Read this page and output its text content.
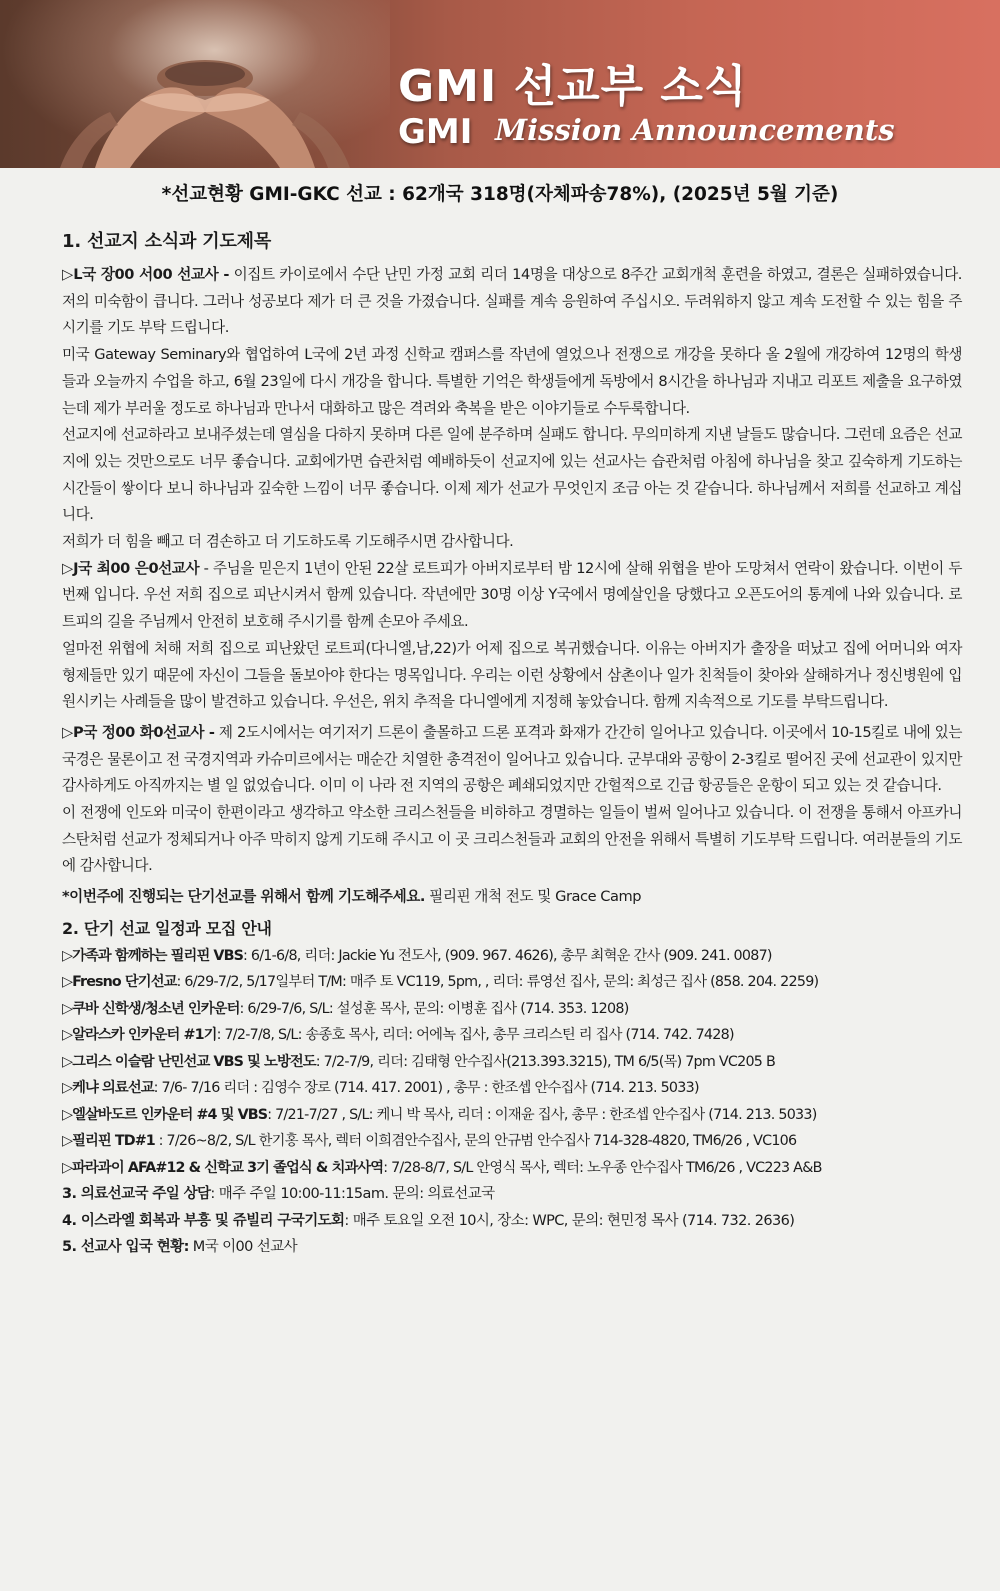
GMI 선교부 소식
GMI Mission Announcements
*선교현황 GMI-GKC 선교 : 62개국 318명(자체파송78%), (2025년 5월 기준)

1. 선교지 소식과 기도제목

▷L국 장00 서00 선교사 - 이집트 카이로에서 수단 난민 가정 교회 리더 14명을 대상으로 8주간 교회개척 훈련을 하였고, 결론은 실패하였습니다. 저의 미숙함이 큽니다. 그러나 성공보다 제가 더 큰 것을 가졌습니다. 실패를 계속 응원하여 주십시오. 두려워하지 않고 계속 도전할 수 있는 힘을 주시기를 기도 부탁 드립니다.

미국 Gateway Seminary와 협업하여 L국에 2년 과정 신학교 캠퍼스를 작년에 열었으나 전쟁으로 개강을 못하다 올 2월에 개강하여 12명의 학생들과 오늘까지 수업을 하고, 6월 23일에 다시 개강을 합니다. 특별한 기억은 학생들에게 독방에서 8시간을 하나님과 지내고 리포트 제출을 요구하였는데 제가 부러울 정도로 하나님과 만나서 대화하고 많은 격려와 축복을 받은 이야기들로 수두룩합니다.

선교지에 선교하라고 보내주셨는데 열심을 다하지 못하며 다른 일에 분주하며 실패도 합니다. 무의미하게 지낸 날들도 많습니다. 그런데 요즘은 선교지에 있는 것만으로도 너무 좋습니다. 교회에가면 습관처럼 예배하듯이 선교지에 있는 선교사는 습관처럼 아침에 하나님을 찾고 깊숙하게 기도하는 시간들이 쌓이다 보니 하나님과 깊숙한 느낌이 너무 좋습니다. 이제 제가 선교가 무엇인지 조금 아는 것 같습니다. 하나님께서 저희를 선교하고 계십니다.

저희가 더 힘을 빼고 더 겸손하고 더 기도하도록 기도해주시면 감사합니다.

▷J국 최00 은0선교사 - 주님을 믿은지 1년이 안된 22살 로트피가 아버지로부터 밤 12시에 살해 위협을 받아 도망쳐서 연락이 왔습니다. 이번이 두번째 입니다. 우선 저희 집으로 피난시켜서 함께 있습니다. 작년에만 30명 이상 Y국에서 명예살인을 당했다고 오픈도어의 통계에 나와 있습니다. 로트피의 길을 주님께서 안전히 보호해 주시기를 함께 손모아 주세요.

얼마전 위협에 처해 저희 집으로 피난왔던 로트피(다니엘,남,22)가 어제 집으로 복귀했습니다. 이유는 아버지가 출장을 떠났고 집에 어머니와 여자 형제들만 있기 때문에 자신이 그들을 돌보아야 한다는 명목입니다. 우리는 이런 상황에서 삼촌이나 일가 친척들이 찾아와 살해하거나 정신병원에 입원시키는 사례들을 많이 발견하고 있습니다. 우선은, 위치 추적을 다니엘에게 지정해 놓았습니다. 함께 지속적으로 기도를 부탁드립니다.

▷P국 정00 화0선교사 - 제 2도시에서는 여기저기 드론이 출몰하고 드론 포격과 화재가 간간히 일어나고 있습니다. 이곳에서 10-15킬로 내에 있는 국경은 물론이고 전 국경지역과 카슈미르에서는 매순간 치열한 총격전이 일어나고 있습니다. 군부대와 공항이 2-3킬로 떨어진 곳에 선교관이 있지만 감사하게도 아직까지는 별 일 없었습니다. 이미 이 나라 전 지역의 공항은 폐쇄되었지만 간헐적으로 긴급 항공들은 운항이 되고 있는 것 같습니다.

이 전쟁에 인도와 미국이 한편이라고 생각하고 약소한 크리스천들을 비하하고 경멸하는 일들이 벌써 일어나고 있습니다. 이 전쟁을 통해서 아프카니스탄처럼 선교가 정체되거나 아주 막히지 않게 기도해 주시고 이 곳 크리스천들과 교회의 안전을 위해서 특별히 기도부탁 드립니다. 여러분들의 기도에 감사합니다.

*이번주에 진행되는 단기선교를 위해서 함께 기도해주세요. 필리핀 개척 전도 및 Grace Camp

2. 단기 선교 일정과 모집 안내

▷가족과 함께하는 필리핀 VBS: 6/1-6/8, 리더: Jackie Yu 전도사, (909. 967. 4626), 총무 최혁운 간사 (909. 241. 0087)

▷Fresno 단기선교: 6/29-7/2, 5/17일부터 T/M: 매주 토 VC119, 5pm, , 리더: 류영선 집사, 문의: 최성근 집사 (858. 204. 2259)

▷쿠바 신학생/청소년 인카운터: 6/29-7/6, S/L: 설성훈 목사, 문의: 이병훈 집사 (714. 353. 1208)

▷알라스카 인카운터 #1기: 7/2-7/8, S/L: 송종호 목사, 리더: 어에녹 집사, 총무 크리스틴 리 집사 (714. 742. 7428)

▷그리스 이슬람 난민선교 VBS 및 노방전도: 7/2-7/9, 리더: 김태형 안수집사(213.393.3215), TM 6/5(목) 7pm VC205 B

▷케냐 의료선교: 7/6- 7/16 리더 : 김영수 장로 (714. 417. 2001) , 총무 : 한조셉 안수집사 (714. 213. 5033)

▷엘살바도르 인카운터 #4 및 VBS: 7/21-7/27 , S/L: 케니 박 목사, 리더 : 이재윤 집사, 총무 : 한조셉 안수집사 (714. 213. 5033)

▷필리핀 TD#1 : 7/26~8/2, S/L 한기홍 목사, 렉터 이희겸안수집사, 문의 안규범 안수집사 714-328-4820, TM6/26 , VC106

▷파라과이 AFA#12 & 신학교 3기 졸업식 & 치과사역: 7/28-8/7, S/L 안영식 목사, 렉터: 노우종 안수집사 TM6/26 , VC223 A&B

3. 의료선교국 주일 상담: 매주 주일 10:00-11:15am. 문의: 의료선교국

4. 이스라엘 회복과 부흥 및 쥬빌리 구국기도회: 매주 토요일 오전 10시, 장소: WPC, 문의: 현민정 목사 (714. 732. 2636)

5. 선교사 입국 현황: M국 이00 선교사
